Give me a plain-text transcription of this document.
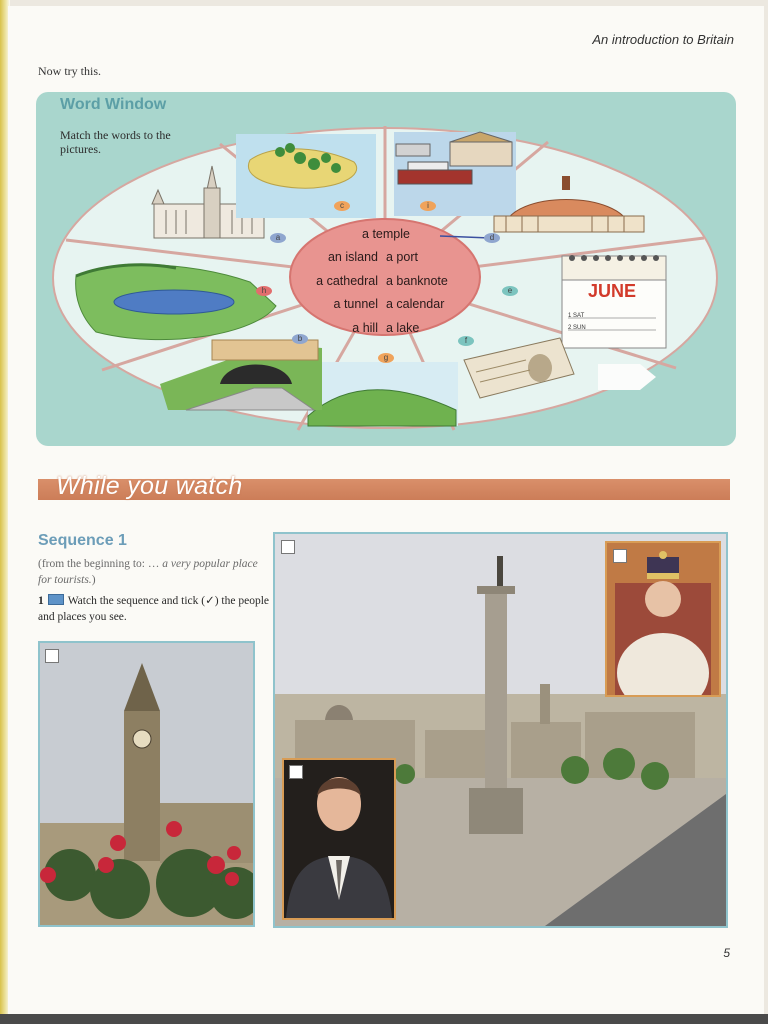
An introduction to Britain
Now try this.
Word Window
Match the words to the pictures.
a temple
an island a port
a cathedral a banknote
a tunnel a calendar
a hill a lake
JUNE
1 SAT
2 SUN
a
b
c
d
e
f
g
h
i
While you watch
Sequence 1
(from the beginning to: … a very popular place for tourists.)
1 Watch the sequence and tick (✓) the people and places you see.
5
